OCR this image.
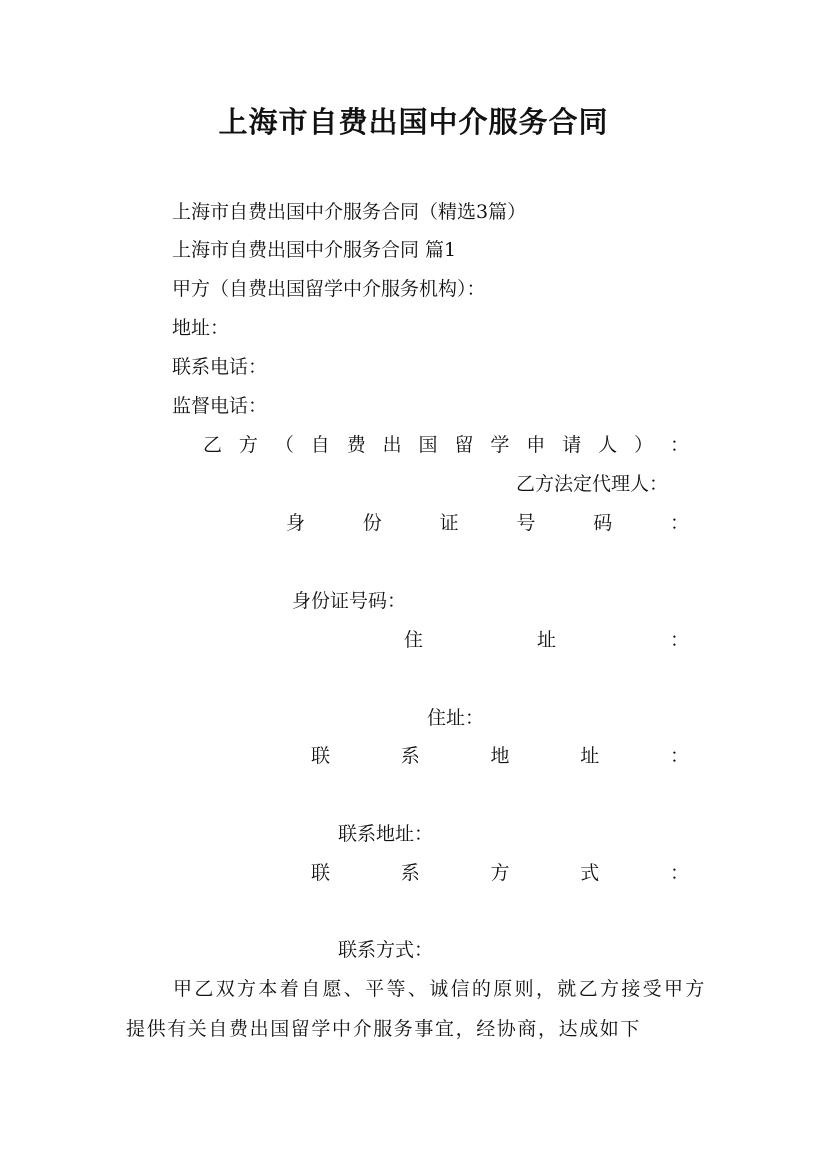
上海市自费出国中介服务合同
上海市自费出国中介服务合同（精选3篇）
上海市自费出国中介服务合同 篇1
甲方（自费出国留学中介服务机构）：
地址：
联系电话：
监督电话：
乙 方 （ 自 费 出 国 留 学 申 请 人 ） ：
乙方法定代理人：
身	份	证	号	码	：
身份证号码：
住	址	：
住址：
联	系	地	址	：
联系地址：
联	系	方	式	：
联系方式：
甲乙双方本着自愿、平等、诚信的原则，就乙方接受甲方提供有关自费出国留学中介服务事宜，经协商，达成如下
